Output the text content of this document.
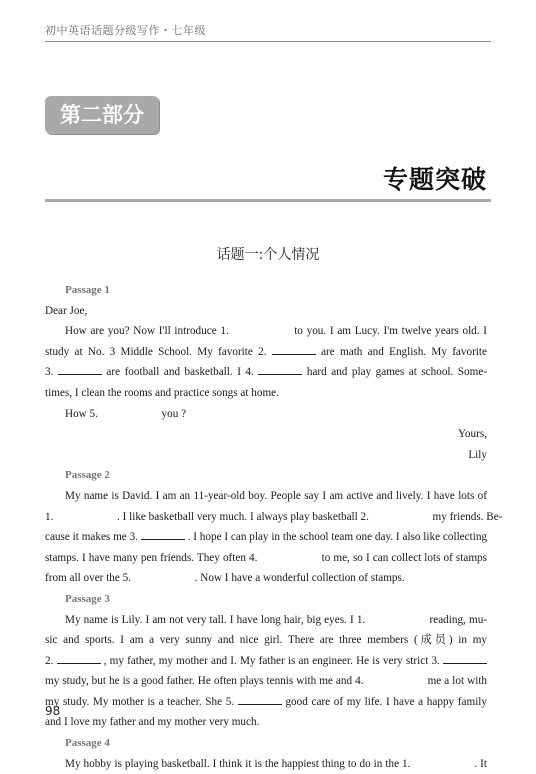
初中英语话题分级写作・七年级
第二部分
专题突破
话题一:个人情况
Passage 1
Dear Joe,
How are you? Now I'll introduce 1.	to you. I am Lucy. I'm twelve years old. I
study at No. 3 Middle School. My favorite 2.	are math and English. My favorite
3.	are football and basketball. I 4.	hard and play games at school. Some-
times, I clean the rooms and practice songs at home.
How 5.	you ?
Yours,
Lily
Passage 2
My name is David. I am an 11-year-old boy. People say I am active and lively. I have lots of
1.	. I like basketball very much. I always play basketball 2.	my friends. Be-
cause it makes me 3.	. I hope I can play in the school team one day. I also like collecting
stamps. I have many pen friends. They often 4.	to me, so I can collect lots of stamps
from all over the 5.	. Now I have a wonderful collection of stamps.
Passage 3
My name is Lily. I am not very tall. I have long hair, big eyes. I 1.	reading, mu-
sic and sports. I am a very sunny and nice girl. There are three members (成员) in my
2.	, my father, my mother and I. My father is an engineer. He is very strict 3.
my study, but he is a good father. He often plays tennis with me and 4.	me a lot with
my study. My mother is a teacher. She 5.	good care of my life. I have a happy family
and I love my father and my mother very much.
Passage 4
My hobby is playing basketball. I think it is the happiest thing to do in the 1.	. It
98
